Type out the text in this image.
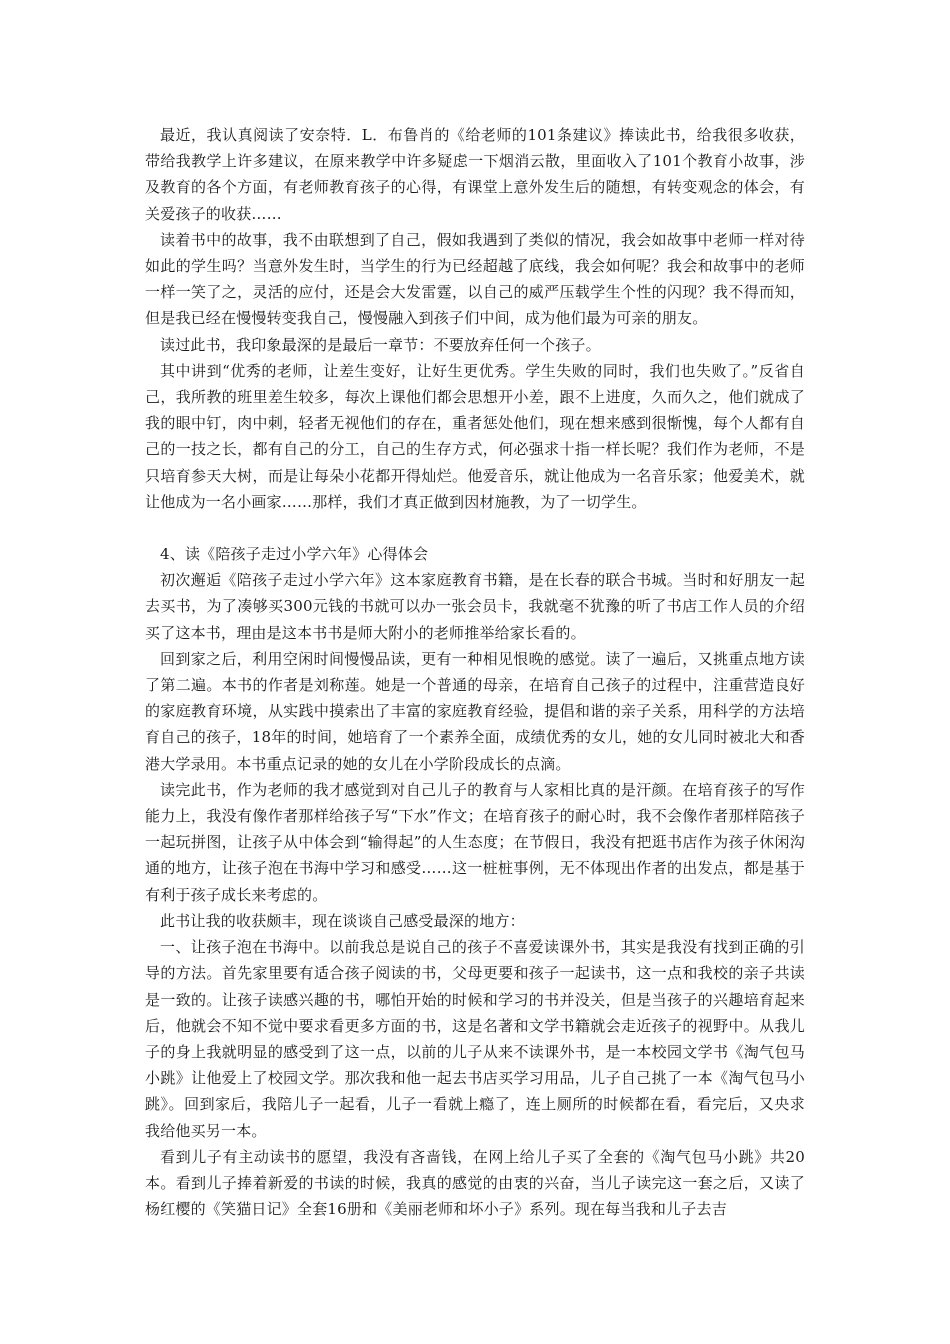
最近，我认真阅读了安奈特．L．布鲁肖的《给老师的101条建议》捧读此书，给我很多收获，带给我教学上许多建议，在原来教学中许多疑虑一下烟消云散，里面收入了101个教育小故事，涉及教育的各个方面，有老师教育孩子的心得，有课堂上意外发生后的随想，有转变观念的体会，有关爱孩子的收获……

读着书中的故事，我不由联想到了自己，假如我遇到了类似的情况，我会如故事中老师一样对待如此的学生吗？当意外发生时，当学生的行为已经超越了底线，我会如何呢？我会和故事中的老师一样一笑了之，灵活的应付，还是会大发雷霆，以自己的威严压载学生个性的闪现？我不得而知，但是我已经在慢慢转变我自己，慢慢融入到孩子们中间，成为他们最为可亲的朋友。

读过此书，我印象最深的是最后一章节：不要放弃任何一个孩子。

其中讲到“优秀的老师，让差生变好，让好生更优秀。学生失败的同时，我们也失败了。”反省自己，我所教的班里差生较多，每次上课他们都会思想开小差，跟不上进度，久而久之，他们就成了我的眼中钉，肉中刺，轻者无视他们的存在，重者惩处他们，现在想来感到很惭愧，每个人都有自己的一技之长，都有自己的分工，自己的生存方式，何必强求十指一样长呢？我们作为老师，不是只培育参天大树，而是让每朵小花都开得灿烂。他爱音乐，就让他成为一名音乐家；他爱美术，就让他成为一名小画家……那样，我们才真正做到因材施教，为了一切学生。

4、读《陪孩子走过小学六年》心得体会

初次邂逅《陪孩子走过小学六年》这本家庭教育书籍，是在长春的联合书城。当时和好朋友一起去买书，为了凑够买300元钱的书就可以办一张会员卡，我就毫不犹豫的听了书店工作人员的介绍买了这本书，理由是这本书书是师大附小的老师推举给家长看的。

回到家之后，利用空闲时间慢慢品读，更有一种相见恨晚的感觉。读了一遍后，又挑重点地方读了第二遍。本书的作者是刘称莲。她是一个普通的母亲，在培育自己孩子的过程中，注重营造良好的家庭教育环境，从实践中摸索出了丰富的家庭教育经验，提倡和谐的亲子关系，用科学的方法培育自己的孩子，18年的时间，她培育了一个素养全面，成绩优秀的女儿，她的女儿同时被北大和香港大学录用。本书重点记录的她的女儿在小学阶段成长的点滴。

读完此书，作为老师的我才感觉到对自己儿子的教育与人家相比真的是汗颜。在培育孩子的写作能力上，我没有像作者那样给孩子写“下水”作文；在培育孩子的耐心时，我不会像作者那样陪孩子一起玩拼图，让孩子从中体会到“输得起”的人生态度；在节假日，我没有把逛书店作为孩子休闲沟通的地方，让孩子泡在书海中学习和感受……这一桩桩事例，无不体现出作者的出发点，都是基于有利于孩子成长来考虑的。

此书让我的收获颇丰，现在谈谈自己感受最深的地方：

一、让孩子泡在书海中。以前我总是说自己的孩子不喜爱读课外书，其实是我没有找到正确的引导的方法。首先家里要有适合孩子阅读的书，父母更要和孩子一起读书，这一点和我校的亲子共读是一致的。让孩子读感兴趣的书，哪怕开始的时候和学习的书并没关，但是当孩子的兴趣培育起来后，他就会不知不觉中要求看更多方面的书，这是名著和文学书籍就会走近孩子的视野中。从我儿子的身上我就明显的感受到了这一点，以前的儿子从来不读课外书，是一本校园文学书《淘气包马小跳》让他爱上了校园文学。那次我和他一起去书店买学习用品，儿子自己挑了一本《淘气包马小跳》。回到家后，我陪儿子一起看，儿子一看就上瘾了，连上厕所的时候都在看，看完后，又央求我给他买另一本。

看到儿子有主动读书的愿望，我没有吝啬钱，在网上给儿子买了全套的《淘气包马小跳》共20本。看到儿子捧着新爱的书读的时候，我真的感觉的由衷的兴奋，当儿子读完这一套之后，又读了杨红樱的《笑猫日记》全套16册和《美丽老师和坏小子》系列。现在每当我和儿子去吉
